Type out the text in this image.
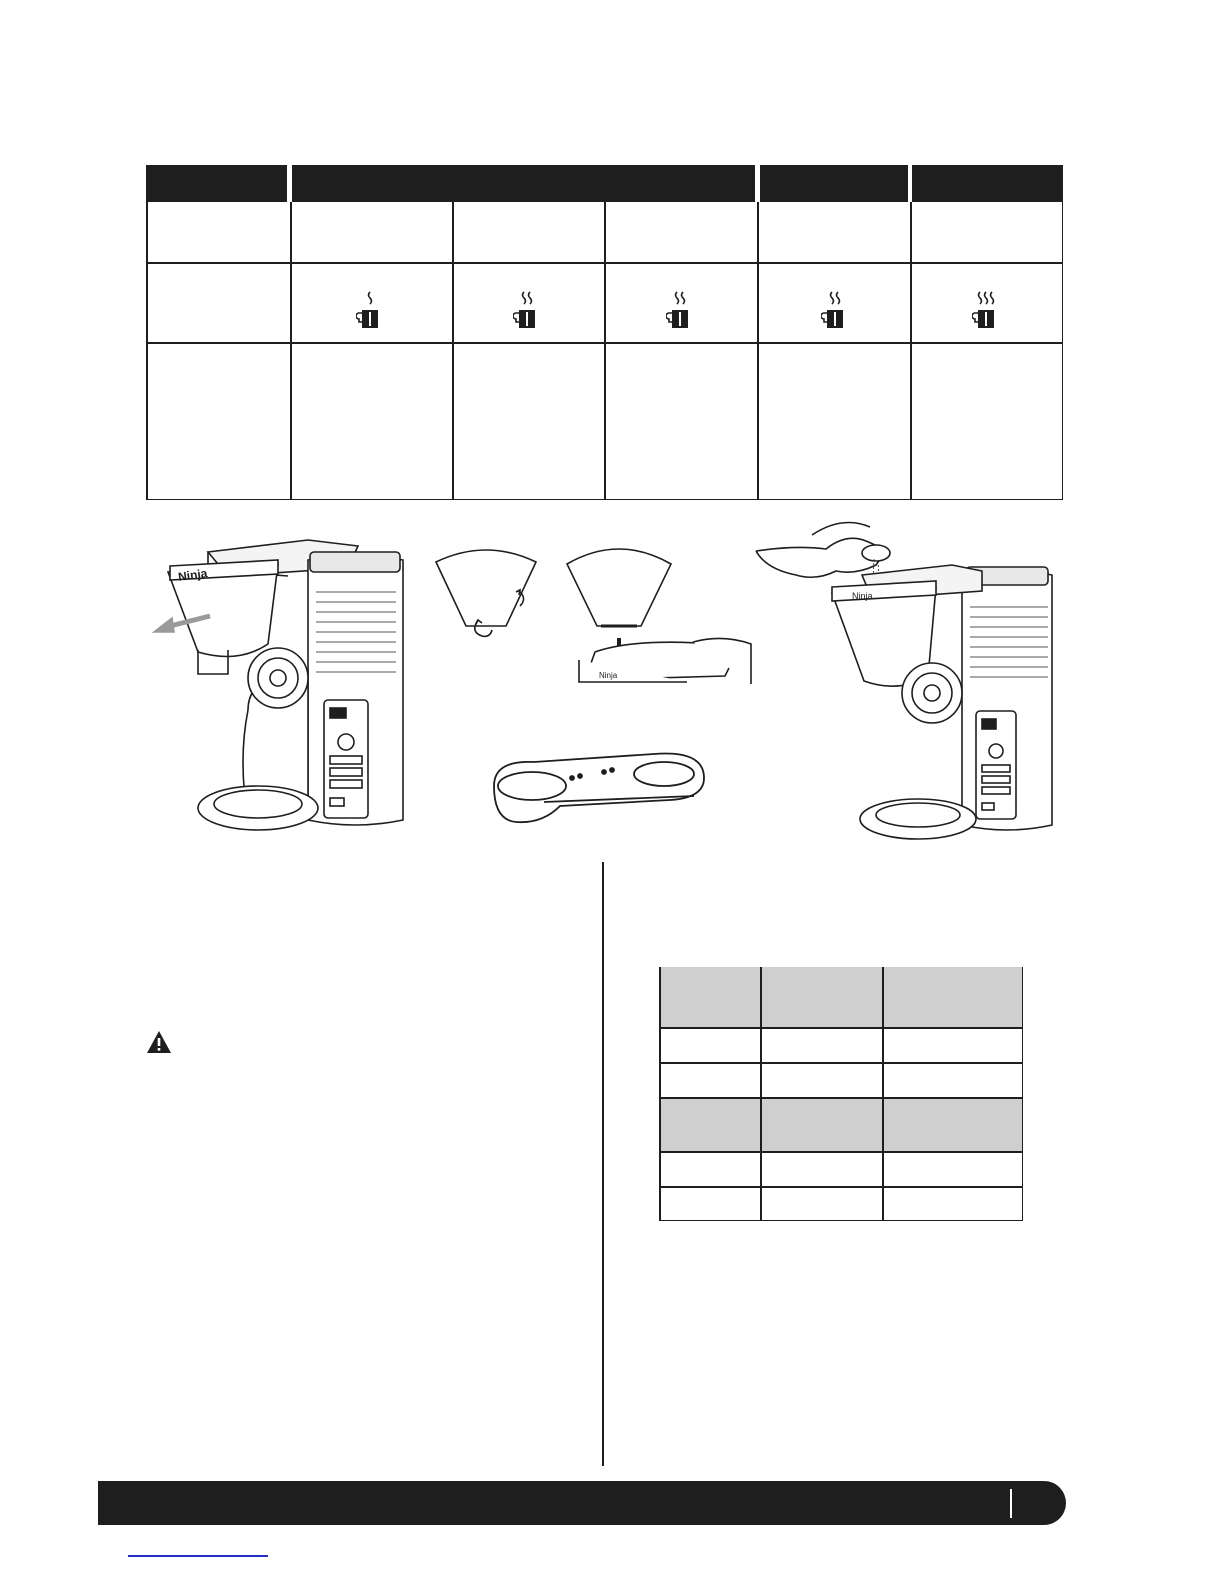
Ninja
Ninja
Ninja
